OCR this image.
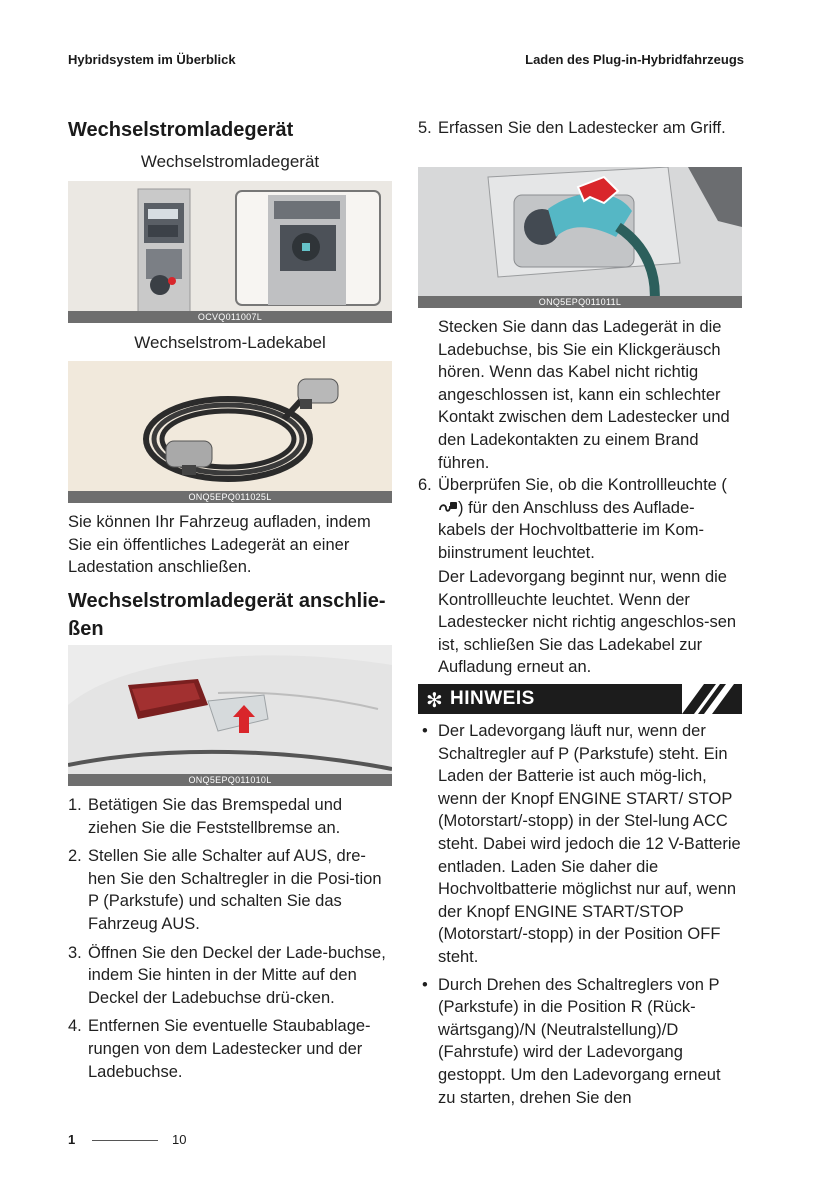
Hybridsystem im Überblick	Laden des Plug-in-Hybridfahrzeugs
Wechselstromladegerät
Wechselstromladegerät
OCVQ011007L
Wechselstrom-Ladekabel
ONQ5EPQ011025L
Sie können Ihr Fahrzeug aufladen, indem Sie ein öffentliches Ladegerät an einer Ladestation anschließen.
Wechselstromladegerät anschlie-ßen
ONQ5EPQ011010L
1. Betätigen Sie das Bremspedal und ziehen Sie die Feststellbremse an.
2. Stellen Sie alle Schalter auf AUS, dre-hen Sie den Schaltregler in die Posi-tion P (Parkstufe) und schalten Sie das Fahrzeug AUS.
3. Öffnen Sie den Deckel der Lade-buchse, indem Sie hinten in der Mitte auf den Deckel der Ladebuchse drü-cken.
4. Entfernen Sie eventuelle Staubablage-rungen von dem Ladestecker und der Ladebuchse.
5. Erfassen Sie den Ladestecker am Griff.
ONQ5EPQ011011L
Stecken Sie dann das Ladegerät in die Ladebuchse, bis Sie ein Klickgeräusch hören. Wenn das Kabel nicht richtig angeschlossen ist, kann ein schlechter Kontakt zwischen dem Ladestecker und den Ladekontakten zu einem Brand führen.
6. Überprüfen Sie, ob die Kontrollleuchte () für den Anschluss des Auflade-kabels der Hochvoltbatterie im Kom-biinstrument leuchtet.
Der Ladevorgang beginnt nur, wenn die Kontrollleuchte leuchtet. Wenn der Ladestecker nicht richtig angeschlos-sen ist, schließen Sie das Ladekabel zur Aufladung erneut an.
✻ HINWEIS
• Der Ladevorgang läuft nur, wenn der Schaltregler auf P (Parkstufe) steht. Ein Laden der Batterie ist auch mög-lich, wenn der Knopf ENGINE START/ STOP (Motorstart/-stopp) in der Stel-lung ACC steht. Dabei wird jedoch die 12 V-Batterie entladen. Laden Sie daher die Hochvoltbatterie möglichst nur auf, wenn der Knopf ENGINE START/STOP (Motorstart/-stopp) in der Position OFF steht.
• Durch Drehen des Schaltreglers von P (Parkstufe) in die Position R (Rück-wärtsgang)/N (Neutralstellung)/D (Fahrstufe) wird der Ladevorgang gestoppt. Um den Ladevorgang erneut zu starten, drehen Sie den
1	10
